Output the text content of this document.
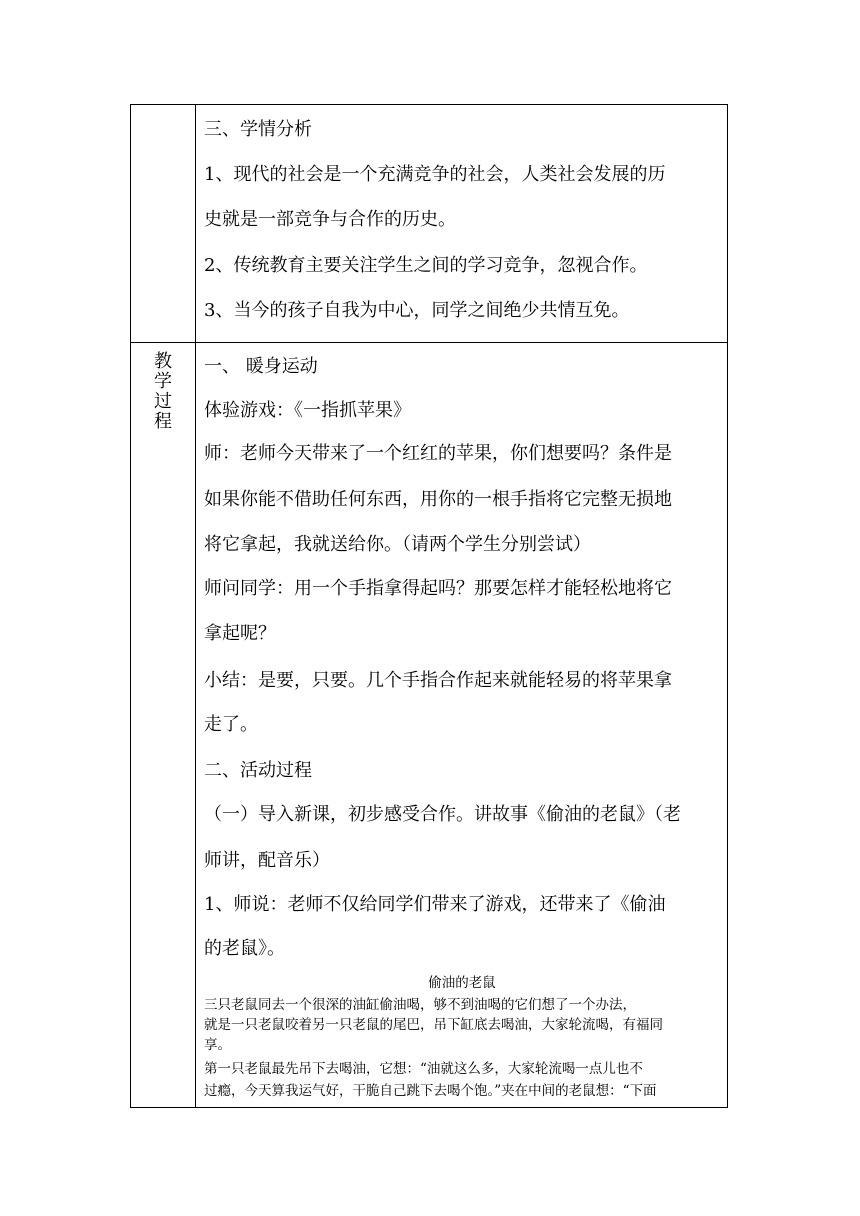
三、学情分析
1、现代的社会是一个充满竞争的社会，人类社会发展的历
史就是一部竞争与合作的历史。
2、传统教育主要关注学生之间的学习竞争，忽视合作。
3、当今的孩子自我为中心，同学之间绝少共情互免。
教
学
过
程
一、 暖身运动
体验游戏：《一指抓苹果》
师：老师今天带来了一个红红的苹果，你们想要吗？条件是
如果你能不借助任何东西，用你的一根手指将它完整无损地
将它拿起，我就送给你。（请两个学生分别尝试）
师问同学：用一个手指拿得起吗？那要怎样才能轻松地将它
拿起呢？
小结：是要，只要。几个手指合作起来就能轻易的将苹果拿
走了。
二、活动过程
（一）导入新课，初步感受合作。讲故事《偷油的老鼠》（老
师讲，配音乐）
1、师说：老师不仅给同学们带来了游戏，还带来了《偷油
的老鼠》。
偷油的老鼠
三只老鼠同去一个很深的油缸偷油喝，够不到油喝的它们想了一个办法，
就是一只老鼠咬着另一只老鼠的尾巴，吊下缸底去喝油，大家轮流喝，有福同
享。
第一只老鼠最先吊下去喝油，它想：“油就这么多，大家轮流喝一点儿也不
过瘾，今天算我运气好，干脆自己跳下去喝个饱。”夹在中间的老鼠想：“下面
